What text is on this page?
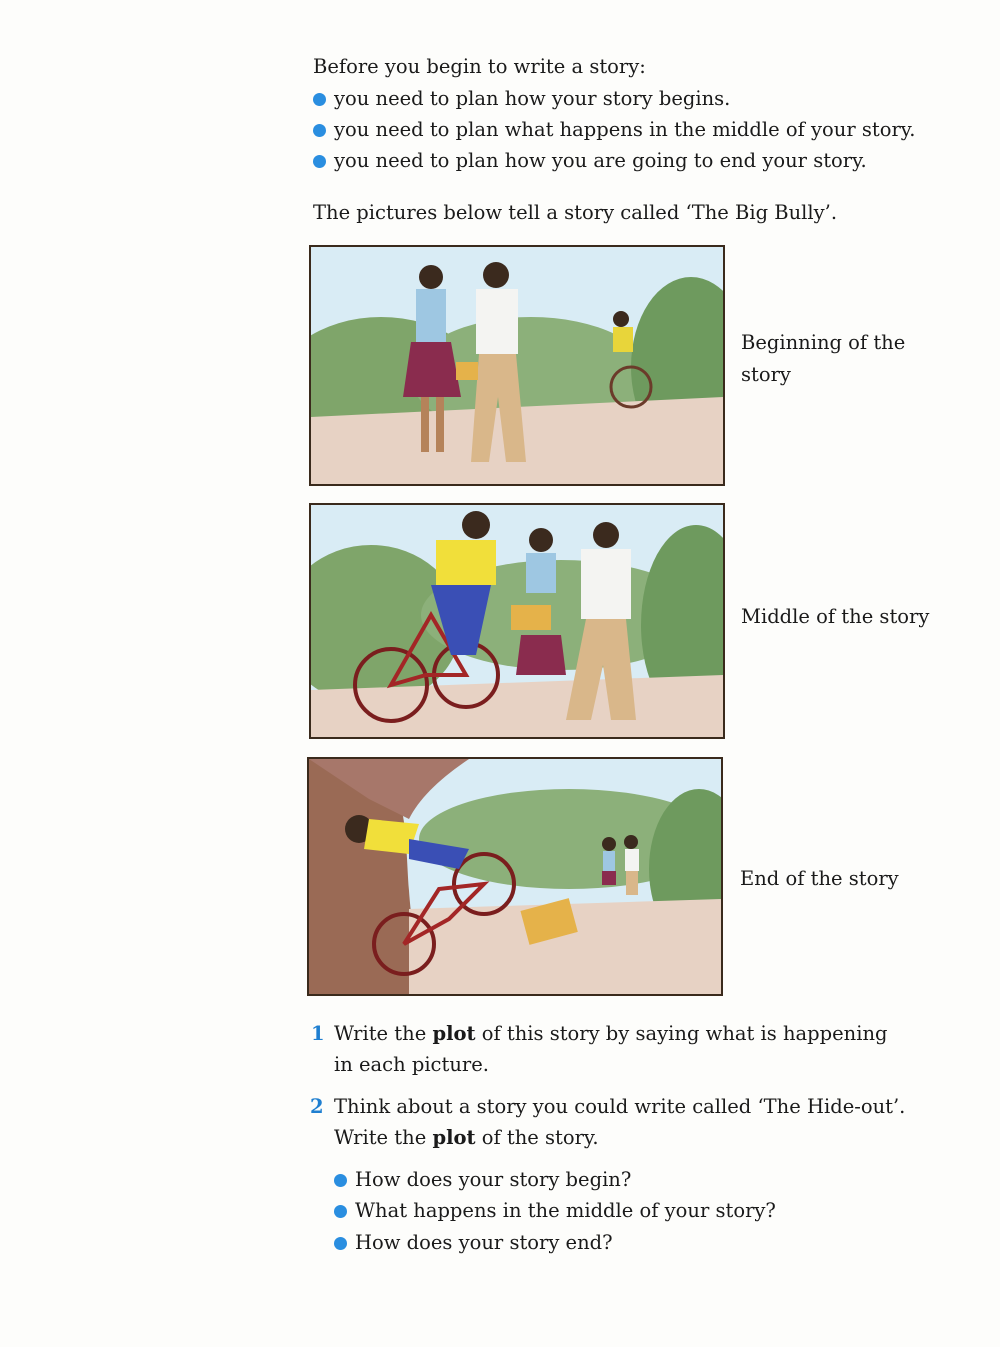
Before you begin to write a story:
you need to plan how your story begins.
you need to plan what happens in the middle of your story.
you need to plan how you are going to end your story.
The pictures below tell a story called ‘The Big Bully’.
Beginning of the
story
Middle of the story
End of the story
1 Write the plot of this story by saying what is happening
in each picture.
2 Think about a story you could write called ‘The Hide-out’.
Write the plot of the story.
How does your story begin?
What happens in the middle of your story?
How does your story end?
